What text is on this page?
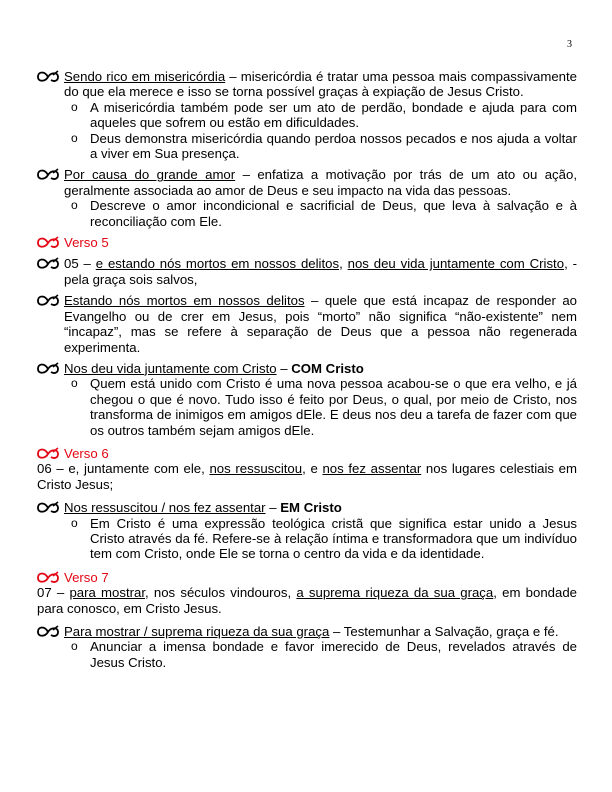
3
Sendo rico em misericórdia – misericórdia é tratar uma pessoa mais compassivamente do que ela merece e isso se torna possível graças à expiação de Jesus Cristo.
o A misericórdia também pode ser um ato de perdão, bondade e ajuda para com aqueles que sofrem ou estão em dificuldades.
o Deus demonstra misericórdia quando perdoa nossos pecados e nos ajuda a voltar a viver em Sua presença.
Por causa do grande amor – enfatiza a motivação por trás de um ato ou ação, geralmente associada ao amor de Deus e seu impacto na vida das pessoas.
o Descreve o amor incondicional e sacrificial de Deus, que leva à salvação e à reconciliação com Ele.
Verso 5
05 – e estando nós mortos em nossos delitos, nos deu vida juntamente com Cristo, - pela graça sois salvos,
Estando nós mortos em nossos delitos – quele que está incapaz de responder ao Evangelho ou de crer em Jesus, pois “morto” não significa “não-existente” nem “incapaz”, mas se refere à separação de Deus que a pessoa não regenerada experimenta.
Nos deu vida juntamente com Cristo – COM Cristo
o Quem está unido com Cristo é uma nova pessoa acabou-se o que era velho, e já chegou o que é novo. Tudo isso é feito por Deus, o qual, por meio de Cristo, nos transforma de inimigos em amigos dEle. E deus nos deu a tarefa de fazer com que os outros também sejam amigos dEle.
Verso 6
06 – e, juntamente com ele, nos ressuscitou, e nos fez assentar nos lugares celestiais em Cristo Jesus;
Nos ressuscitou / nos fez assentar – EM Cristo
o Em Cristo é uma expressão teológica cristã que significa estar unido a Jesus Cristo através da fé. Refere-se à relação íntima e transformadora que um indivíduo tem com Cristo, onde Ele se torna o centro da vida e da identidade.
Verso 7
07 – para mostrar, nos séculos vindouros, a suprema riqueza da sua graça, em bondade para conosco, em Cristo Jesus.
Para mostrar / suprema riqueza da sua graça – Testemunhar a Salvação, graça e fé.
o Anunciar a imensa bondade e favor imerecido de Deus, revelados através de Jesus Cristo.
